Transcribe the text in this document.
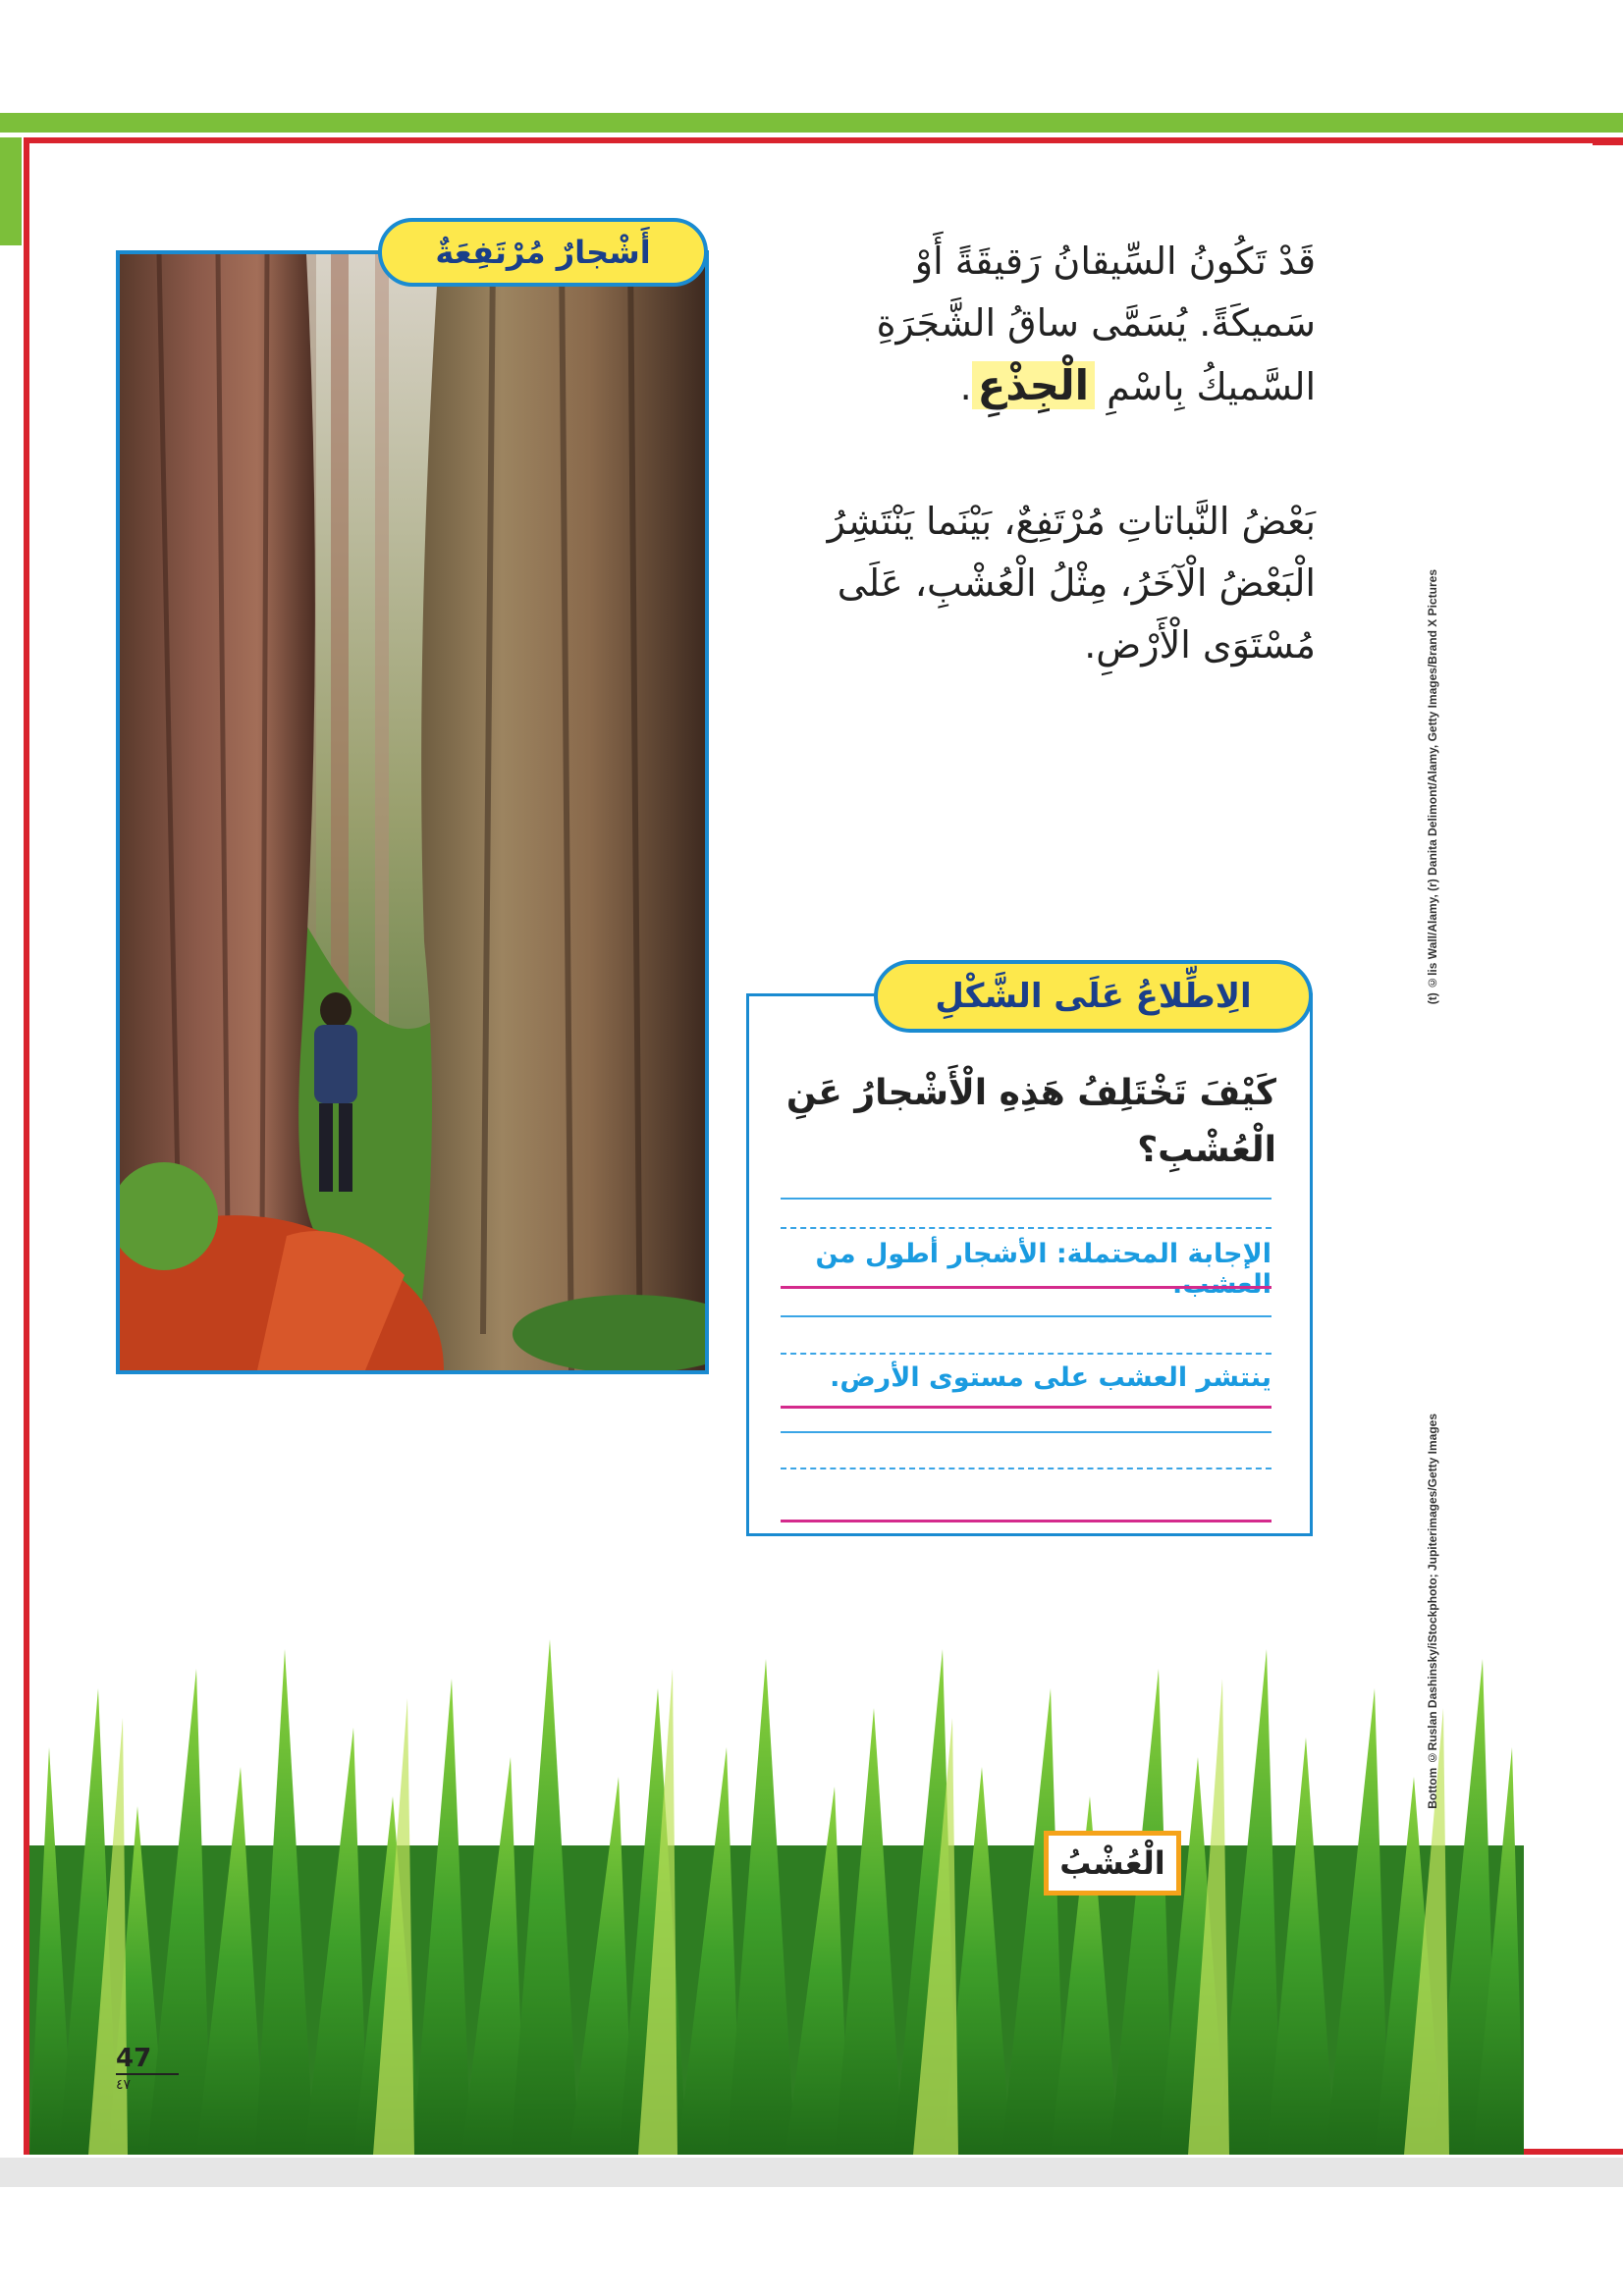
أَشْجارٌ مُرْتَفِعَةٌ	قَدْ تَكُونُ السِّيقانُ رَقيقَةً أَوْ سَميكَةً. يُسَمَّى ساقُ الشَّجَرَةِ السَّميكُ بِاسْمِ الْجِذْعِ.
بَعْضُ النَّباتاتِ مُرْتَفِعٌ، بَيْنَما يَنْتَشِرُ الْبَعْضُ الْآخَرُ، مِثْلُ الْعُشْبِ، عَلَى مُسْتَوَى الْأَرْضِ.
الِاطِّلاعُ عَلَى الشَّكْلِ
كَيْفَ تَخْتَلِفُ هَذِهِ الْأَشْجارُ عَنِ الْعُشْبِ؟
الإجابة المحتملة: الأشجار أطول من العشب.
ينتشر العشب على مستوى الأرض.
الْعُشْبُ
47
٤٧
(t) ©lis Wall/Alamy, (r) Danita Delimont/Alamy, Getty Images/Brand X Pictures
Bottom ©Ruslan Dashinsky/iStockphoto; Jupiterimages/Getty Images
